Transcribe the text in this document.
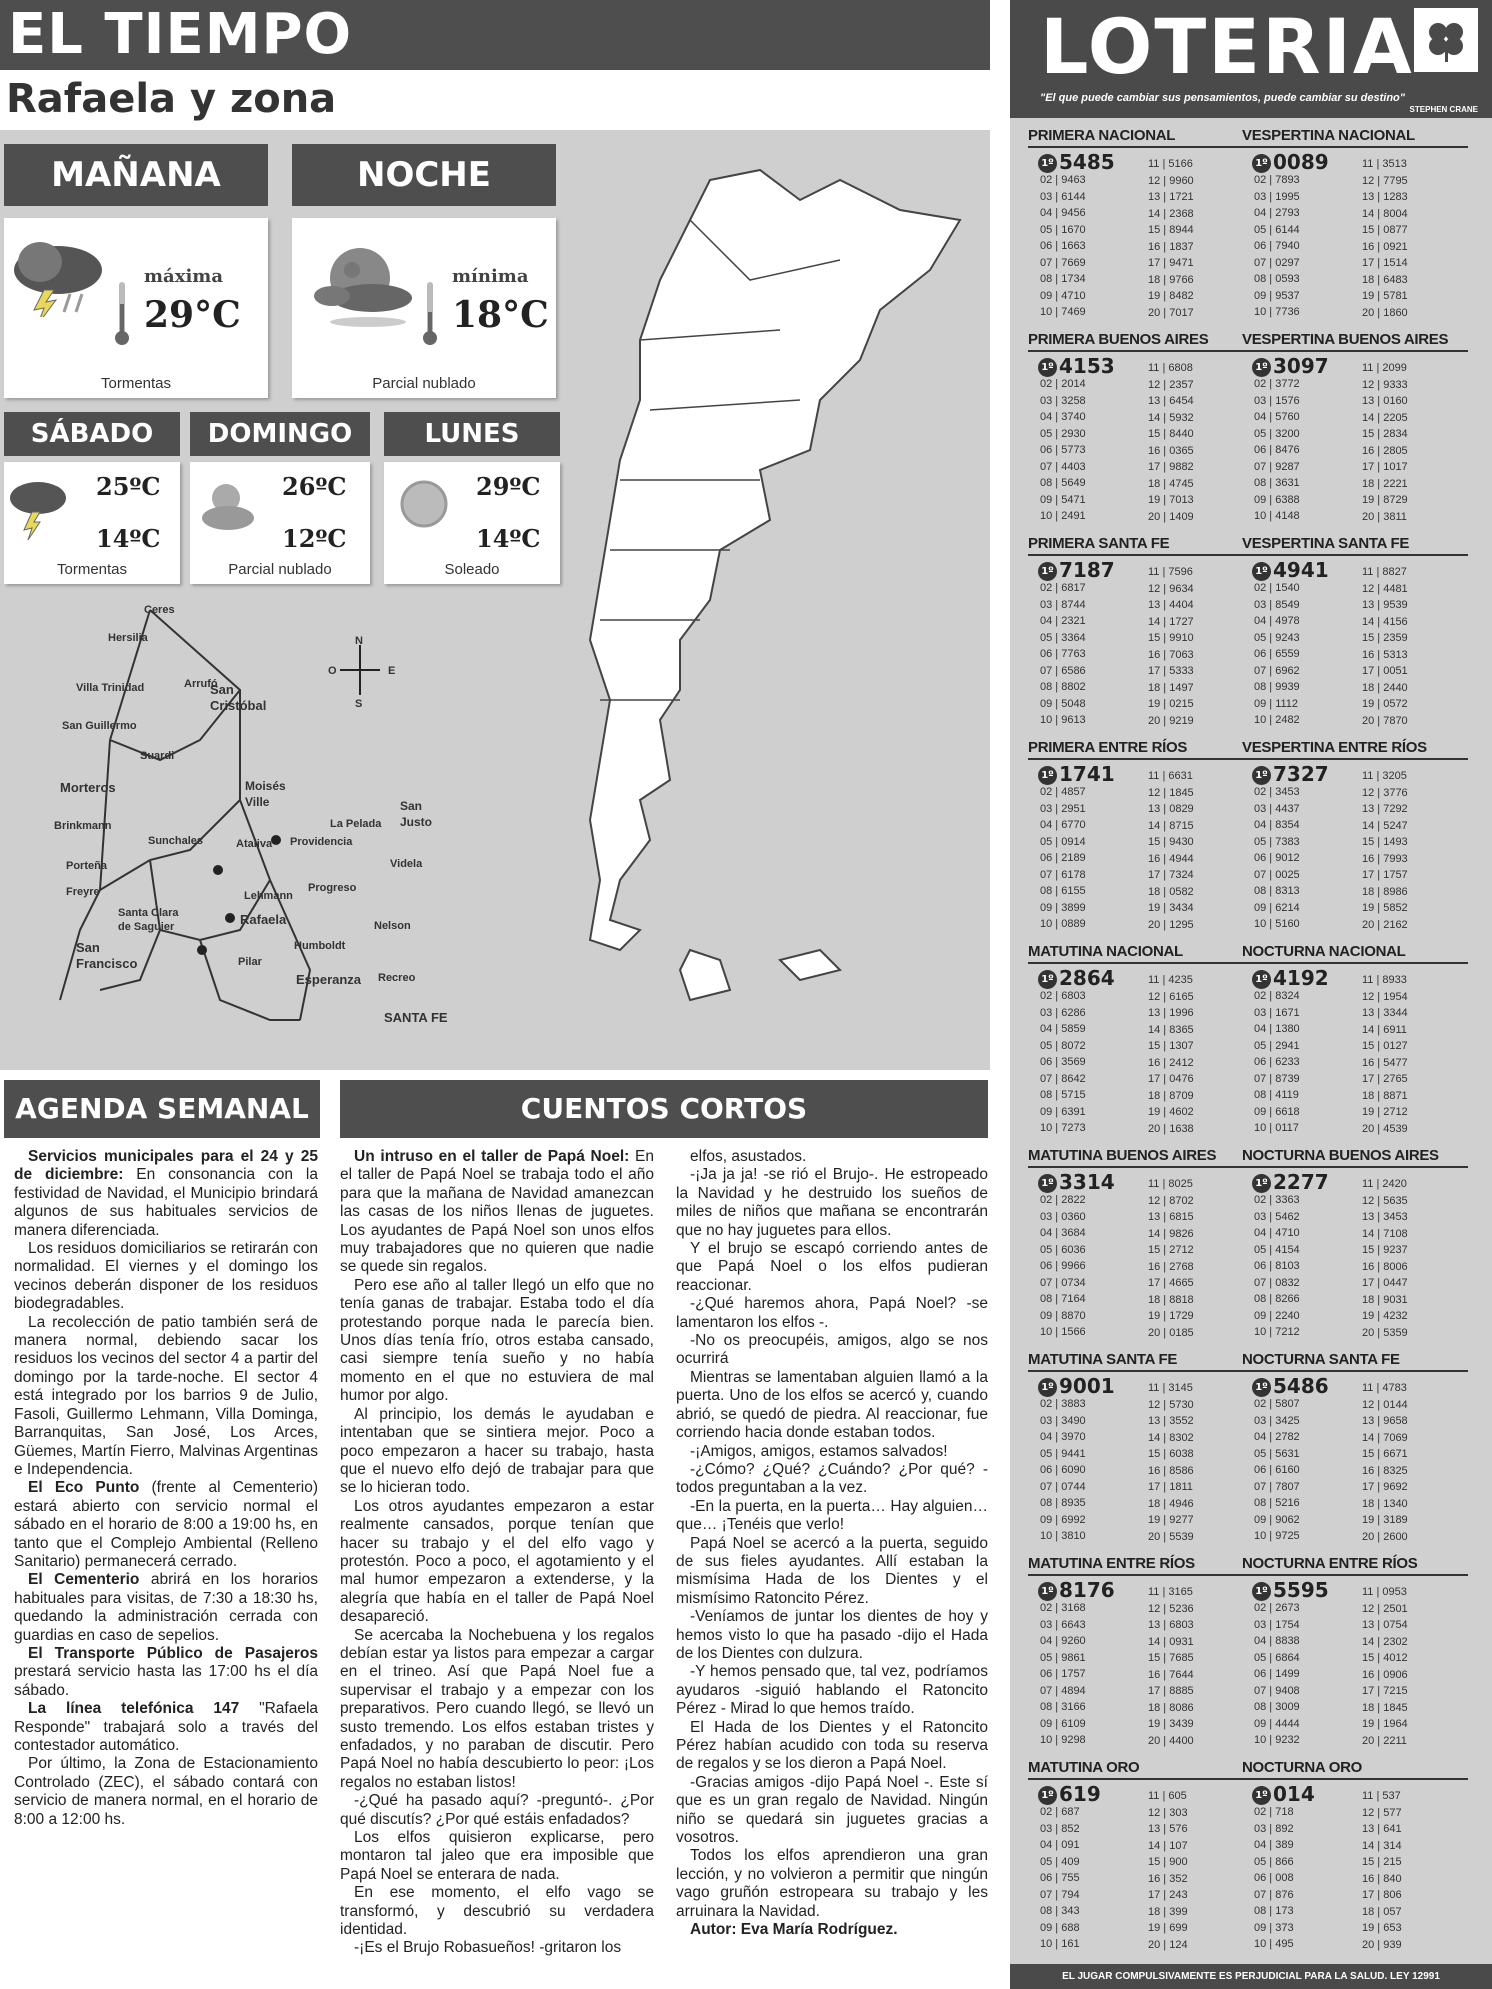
EL TIEMPO
Rafaela y zona
MAÑANA
máxima
29°C
Tormentas
NOCHE
mínima
18°C
Parcial nublado
SÁBADO	DOMINGO	LUNES
25ºC
14ºC
Tormentas
26ºC
12ºC
Parcial nublado
29ºC
14ºC
Soleado
N
O	E
S
Ceres
Hersilia
Villa Trinidad	Arrufó
San Cristóbal
San Guillermo
Suardi
Morteros	Moisés Ville	San Justo
Brinkmann
Sunchales	Ataliva Providencia
La Pelada
Porteña	Videla
Freyre	Lehmann
Progreso
Santa Clara de Saguier	Rafaela	Nelson
San Francisco
Humboldt
Pilar
Esperanza Recreo
SANTA FE
AGENDA SEMANAL

Servicios municipales para el 24 y 25 de diciembre: En consonancia con la festividad de Navidad, el Municipio brindará algunos de sus habituales servicios de manera diferenciada.

Los residuos domiciliarios se retirarán con normalidad. El viernes y el domingo los vecinos deberán disponer de los residuos biodegradables.

La recolección de patio también será de manera normal, debiendo sacar los residuos los vecinos del sector 4 a partir del domingo por la tarde-noche. El sector 4 está integrado por los barrios 9 de Julio, Fasoli, Guillermo Lehmann, Villa Dominga, Barranquitas, San José, Los Arces, Güemes, Martín Fierro, Malvinas Argentinas e Independencia.

El Eco Punto (frente al Cementerio) estará abierto con servicio normal el sábado en el horario de 8:00 a 19:00 hs, en tanto que el Complejo Ambiental (Relleno Sanitario) permanecerá cerrado.

El Cementerio abrirá en los horarios habituales para visitas, de 7:30 a 18:30 hs, quedando la administración cerrada con guardias en caso de sepelios.

El Transporte Público de Pasajeros prestará servicio hasta las 17:00 hs el día sábado.

La línea telefónica 147 "Rafaela Responde" trabajará solo a través del contestador automático.

Por último, la Zona de Estacionamiento Controlado (ZEC), el sábado contará con servicio de manera normal, en el horario de 8:00 a 12:00 hs.

CUENTOS CORTOS

Un intruso en el taller de Papá Noel: En el taller de Papá Noel se trabaja todo el año para que la mañana de Navidad amanezcan las casas de los niños llenas de juguetes. Los ayudantes de Papá Noel son unos elfos muy trabajadores que no quieren que nadie se quede sin regalos.

Pero ese año al taller llegó un elfo que no tenía ganas de trabajar. Estaba todo el día protestando porque nada le parecía bien. Unos días tenía frío, otros estaba cansado, casi siempre tenía sueño y no había momento en el que no estuviera de mal humor por algo.

Al principio, los demás le ayudaban e intentaban que se sintiera mejor. Poco a poco empezaron a hacer su trabajo, hasta que el nuevo elfo dejó de trabajar para que se lo hicieran todo.

Los otros ayudantes empezaron a estar realmente cansados, porque tenían que hacer su trabajo y el del elfo vago y protestón. Poco a poco, el agotamiento y el mal humor empezaron a extenderse, y la alegría que había en el taller de Papá Noel desapareció.

Se acercaba la Nochebuena y los regalos debían estar ya listos para empezar a cargar en el trineo. Así que Papá Noel fue a supervisar el trabajo y a empezar con los preparativos. Pero cuando llegó, se llevó un susto tremendo. Los elfos estaban tristes y enfadados, y no paraban de discutir. Pero Papá Noel no había descubierto lo peor: ¡Los regalos no estaban listos!

-¿Qué ha pasado aquí? -preguntó-. ¿Por qué discutís? ¿Por qué estáis enfadados?

Los elfos quisieron explicarse, pero montaron tal jaleo que era imposible que Papá Noel se enterara de nada.

En ese momento, el elfo vago se transformó, y descubrió su verdadera identidad.

-¡Es el Brujo Robasueños! -gritaron los

elfos, asustados.

-¡Ja ja ja! -se rió el Brujo-. He estropeado la Navidad y he destruido los sueños de miles de niños que mañana se encontrarán que no hay juguetes para ellos.

Y el brujo se escapó corriendo antes de que Papá Noel o los elfos pudieran reaccionar.

-¿Qué haremos ahora, Papá Noel? -se lamentaron los elfos -.

-No os preocupéis, amigos, algo se nos ocurrirá

Mientras se lamentaban alguien llamó a la puerta. Uno de los elfos se acercó y, cuando abrió, se quedó de piedra. Al reaccionar, fue corriendo hacia donde estaban todos.

-¡Amigos, amigos, estamos salvados!

-¿Cómo? ¿Qué? ¿Cuándo? ¿Por qué? -todos preguntaban a la vez.

-En la puerta, en la puerta… Hay alguien… que… ¡Tenéis que verlo!

Papá Noel se acercó a la puerta, seguido de sus fieles ayudantes. Allí estaban la mismísima Hada de los Dientes y el mismísimo Ratoncito Pérez.

-Veníamos de juntar los dientes de hoy y hemos visto lo que ha pasado -dijo el Hada de los Dientes con dulzura.

-Y hemos pensado que, tal vez, podríamos ayudaros -siguió hablando el Ratoncito Pérez - Mirad lo que hemos traído.

El Hada de los Dientes y el Ratoncito Pérez habían acudido con toda su reserva de regalos y se los dieron a Papá Noel.

-Gracias amigos -dijo Papá Noel -. Este sí que es un gran regalo de Navidad. Ningún niño se quedará sin juguetes gracias a vosotros.

Todos los elfos aprendieron una gran lección, y no volvieron a permitir que ningún vago gruñón estropeara su trabajo y les arruinara la Navidad.

Autor: Eva María Rodríguez.

LOTERIA
"El que puede cambiar sus pensamientos, puede cambiar su destino"
STEPHEN CRANE
PRIMERA NACIONAL
1º 5485
02 | 9463
03 | 6144
04 | 9456
05 | 1670
06 | 1663
07 | 7669
08 | 1734
09 | 4710
10 | 7469
11 | 5166
12 | 9960
13 | 1721
14 | 2368
15 | 8944
16 | 1837
17 | 9471
18 | 9766
19 | 8482
20 | 7017
PRIMERA BUENOS AIRES
1º 4153
02 | 2014
03 | 3258
04 | 3740
05 | 2930
06 | 5773
07 | 4403
08 | 5649
09 | 5471
10 | 2491
11 | 6808
12 | 2357
13 | 6454
14 | 5932
15 | 8440
16 | 0365
17 | 9882
18 | 4745
19 | 7013
20 | 1409
PRIMERA SANTA FE
1º 7187
02 | 6817
03 | 8744
04 | 2321
05 | 3364
06 | 7763
07 | 6586
08 | 8802
09 | 5048
10 | 9613
11 | 7596
12 | 9634
13 | 4404
14 | 1727
15 | 9910
16 | 7063
17 | 5333
18 | 1497
19 | 0215
20 | 9219
PRIMERA ENTRE RÍOS
1º 1741
02 | 4857
03 | 2951
04 | 6770
05 | 0914
06 | 2189
07 | 6178
08 | 6155
09 | 3899
10 | 0889
11 | 6631
12 | 1845
13 | 0829
14 | 8715
15 | 9430
16 | 4944
17 | 7324
18 | 0582
19 | 3434
20 | 1295
MATUTINA NACIONAL
1º 2864
02 | 6803
03 | 6286
04 | 5859
05 | 8072
06 | 3569
07 | 8642
08 | 5715
09 | 6391
10 | 7273
11 | 4235
12 | 6165
13 | 1996
14 | 8365
15 | 1307
16 | 2412
17 | 0476
18 | 8709
19 | 4602
20 | 1638
MATUTINA BUENOS AIRES
1º 3314
02 | 2822
03 | 0360
04 | 3684
05 | 6036
06 | 9966
07 | 0734
08 | 7164
09 | 8870
10 | 1566
11 | 8025
12 | 8702
13 | 6815
14 | 9826
15 | 2712
16 | 2768
17 | 4665
18 | 8818
19 | 1729
20 | 0185
MATUTINA SANTA FE
1º 9001
02 | 3883
03 | 3490
04 | 3970
05 | 9441
06 | 6090
07 | 0744
08 | 8935
09 | 6992
10 | 3810
11 | 3145
12 | 5730
13 | 3552
14 | 8302
15 | 6038
16 | 8586
17 | 1811
18 | 4946
19 | 9277
20 | 5539
MATUTINA ENTRE RÍOS
1º 8176
02 | 3168
03 | 6643
04 | 9260
05 | 9861
06 | 1757
07 | 4894
08 | 3166
09 | 6109
10 | 9298
11 | 3165
12 | 5236
13 | 6803
14 | 0931
15 | 7685
16 | 7644
17 | 8885
18 | 8086
19 | 3439
20 | 4400
MATUTINA ORO
1º 619
02 | 687
03 | 852
04 | 091
05 | 409
06 | 755
07 | 794
08 | 343
09 | 688
10 | 161
11 | 605
12 | 303
13 | 576
14 | 107
15 | 900
16 | 352
17 | 243
18 | 399
19 | 699
20 | 124
VESPERTINA NACIONAL
1º 0089
02 | 7893
03 | 1995
04 | 2793
05 | 6144
06 | 7940
07 | 0297
08 | 0593
09 | 9537
10 | 7736
11 | 3513
12 | 7795
13 | 1283
14 | 8004
15 | 0877
16 | 0921
17 | 1514
18 | 6483
19 | 5781
20 | 1860
VESPERTINA BUENOS AIRES
1º 3097
02 | 3772
03 | 1576
04 | 5760
05 | 3200
06 | 8476
07 | 9287
08 | 3631
09 | 6388
10 | 4148
11 | 2099
12 | 9333
13 | 0160
14 | 2205
15 | 2834
16 | 2805
17 | 1017
18 | 2221
19 | 8729
20 | 3811
VESPERTINA SANTA FE
1º 4941
02 | 1540
03 | 8549
04 | 4978
05 | 9243
06 | 6559
07 | 6962
08 | 9939
09 | 1112
10 | 2482
11 | 8827
12 | 4481
13 | 9539
14 | 4156
15 | 2359
16 | 5313
17 | 0051
18 | 2440
19 | 0572
20 | 7870
VESPERTINA ENTRE RÍOS
1º 7327
02 | 3453
03 | 4437
04 | 8354
05 | 7383
06 | 9012
07 | 0025
08 | 8313
09 | 6214
10 | 5160
11 | 3205
12 | 3776
13 | 7292
14 | 5247
15 | 1493
16 | 7993
17 | 1757
18 | 8986
19 | 5852
20 | 2162
NOCTURNA NACIONAL
1º 4192
02 | 8324
03 | 1671
04 | 1380
05 | 2941
06 | 6233
07 | 8739
08 | 4119
09 | 6618
10 | 0117
11 | 8933
12 | 1954
13 | 3344
14 | 6911
15 | 0127
16 | 5477
17 | 2765
18 | 8871
19 | 2712
20 | 4539
NOCTURNA BUENOS AIRES
1º 2277
02 | 3363
03 | 5462
04 | 4710
05 | 4154
06 | 8103
07 | 0832
08 | 8266
09 | 2240
10 | 7212
11 | 2420
12 | 5635
13 | 3453
14 | 7108
15 | 9237
16 | 8006
17 | 0447
18 | 9031
19 | 4232
20 | 5359
NOCTURNA SANTA FE
1º 5486
02 | 5807
03 | 3425
04 | 2782
05 | 5631
06 | 6160
07 | 7807
08 | 5216
09 | 9062
10 | 9725
11 | 4783
12 | 0144
13 | 9658
14 | 7069
15 | 6671
16 | 8325
17 | 9692
18 | 1340
19 | 3189
20 | 2600
NOCTURNA ENTRE RÍOS
1º 5595
02 | 2673
03 | 1754
04 | 8838
05 | 6864
06 | 1499
07 | 9408
08 | 3009
09 | 4444
10 | 9232
11 | 0953
12 | 2501
13 | 0754
14 | 2302
15 | 4012
16 | 0906
17 | 7215
18 | 1845
19 | 1964
20 | 2211
NOCTURNA ORO
1º 014
02 | 718
03 | 892
04 | 389
05 | 866
06 | 008
07 | 876
08 | 173
09 | 373
10 | 495
11 | 537
12 | 577
13 | 641
14 | 314
15 | 215
16 | 840
17 | 806
18 | 057
19 | 653
20 | 939
EL JUGAR COMPULSIVAMENTE ES PERJUDICIAL PARA LA SALUD. LEY 12991
